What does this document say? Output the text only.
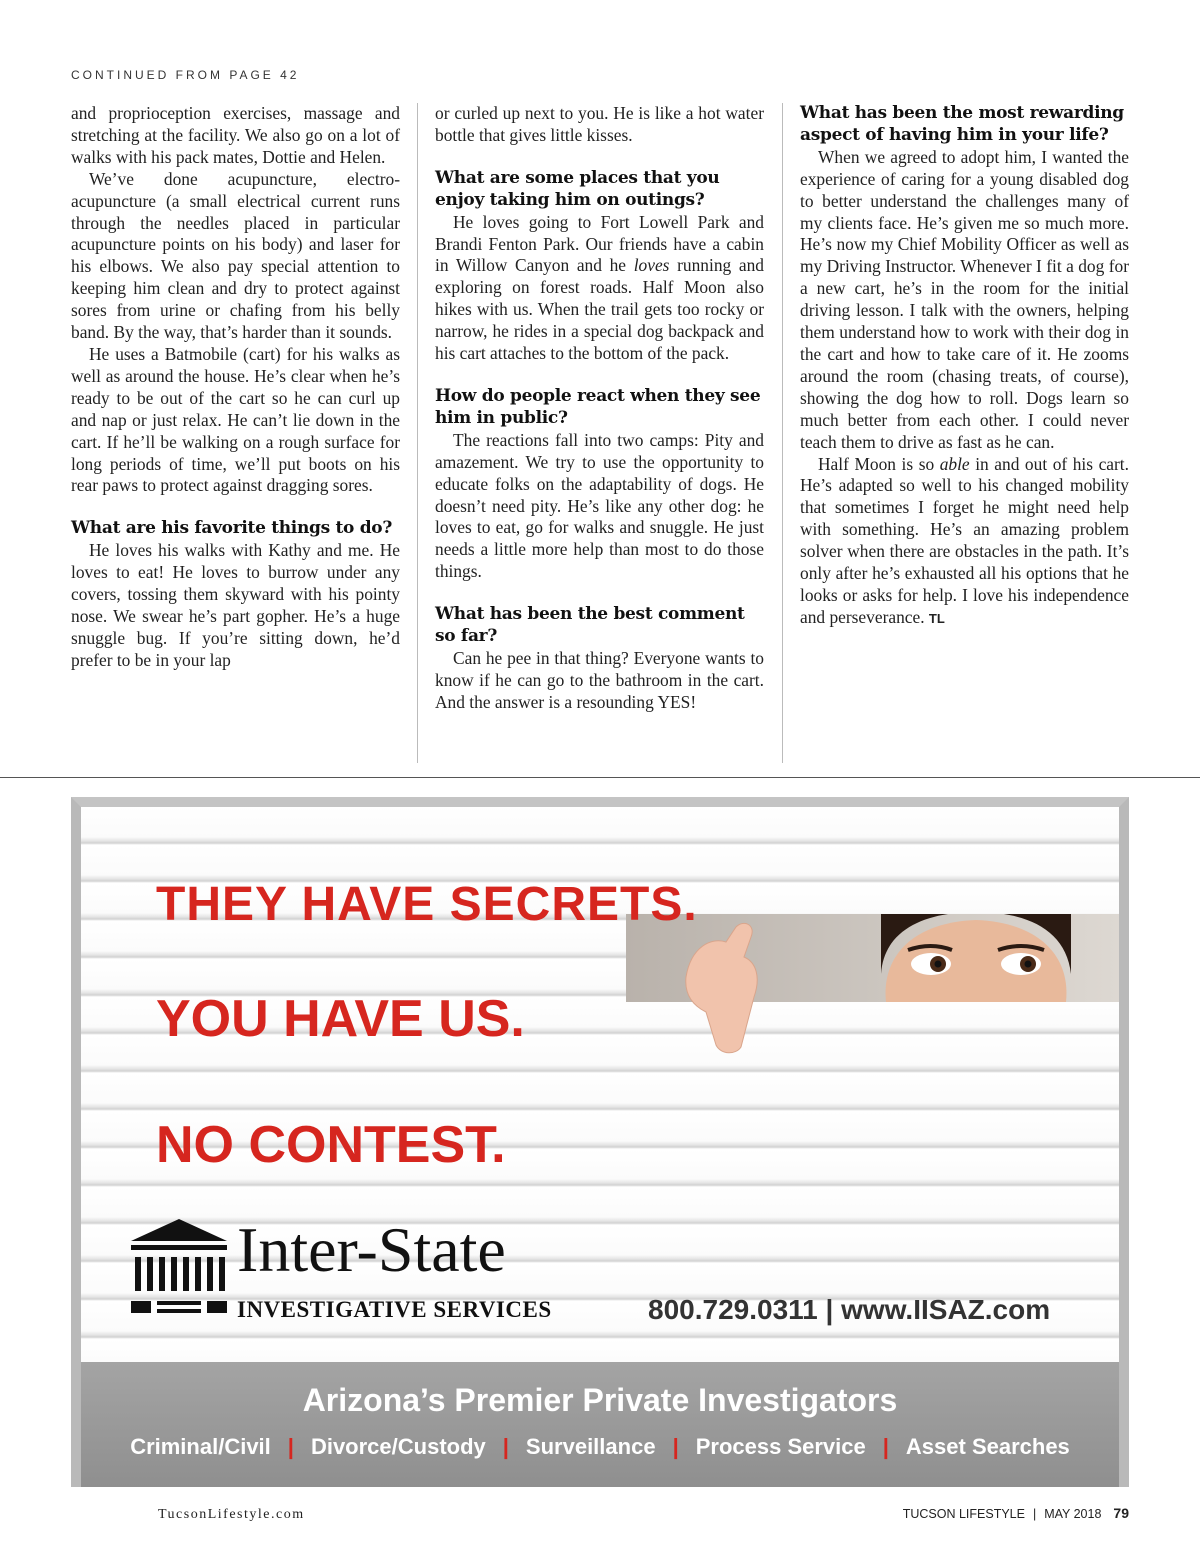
CONTINUED FROM PAGE 42

and proprioception exercises, massage and stretching at the facility. We also go on a lot of walks with his pack mates, Dottie and Helen.

We’ve done acupuncture, electro-acupuncture (a small electrical current runs through the needles placed in particular acupuncture points on his body) and laser for his elbows. We also pay special attention to keeping him clean and dry to protect against sores from urine or chafing from his belly band. By the way, that’s harder than it sounds.

He uses a Batmobile (cart) for his walks as well as around the house. He’s clear when he’s ready to be out of the cart so he can curl up and nap or just relax. He can’t lie down in the cart. If he’ll be walking on a rough surface for long periods of time, we’ll put boots on his rear paws to protect against dragging sores.

What are his favorite things to do?

He loves his walks with Kathy and me. He loves to eat! He loves to burrow under any covers, tossing them skyward with his pointy nose. We swear he’s part gopher. He’s a huge snuggle bug. If you’re sitting down, he’d prefer to be in your lap

or curled up next to you. He is like a hot water bottle that gives little kisses.

What are some places that you enjoy taking him on outings?

He loves going to Fort Lowell Park and Brandi Fenton Park. Our friends have a cabin in Willow Canyon and he loves running and exploring on forest roads. Half Moon also hikes with us. When the trail gets too rocky or narrow, he rides in a special dog backpack and his cart attaches to the bottom of the pack.

How do people react when they see him in public?

The reactions fall into two camps: Pity and amazement. We try to use the opportunity to educate folks on the adaptability of dogs. He doesn’t need pity. He’s like any other dog: he loves to eat, go for walks and snuggle. He just needs a little more help than most to do those things.

What has been the best comment so far?

Can he pee in that thing? Everyone wants to know if he can go to the bathroom in the cart. And the answer is a resounding YES!

What has been the most rewarding aspect of having him in your life?

When we agreed to adopt him, I wanted the experience of caring for a young disabled dog to better understand the challenges many of my clients face. He’s given me so much more. He’s now my Chief Mobility Officer as well as my Driving Instructor. Whenever I fit a dog for a new cart, he’s in the room for the initial driving lesson. I talk with the owners, helping them understand how to work with their dog in the cart and how to take care of it. He zooms around the room (chasing treats, of course), showing the dog how to roll. Dogs learn so much better from each other. I could never teach them to drive as fast as he can.

Half Moon is so able in and out of his cart. He’s adapted so well to his changed mobility that sometimes I forget he might need help with something. He’s an amazing problem solver when there are obstacles in the path. It’s only after he’s exhausted all his options that he looks or asks for help. I love his independence and perseverance. TL

THEY HAVE SECRETS.

YOU HAVE US.

NO CONTEST.

Inter-State

INVESTIGATIVE SERVICES	800.729.0311 | www.IISAZ.com

Arizona’s Premier Private Investigators

Criminal/Civil | Divorce/Custody | Surveillance | Process Service | Asset Searches

TucsonLifestyle.com	TUCSON LIFESTYLE | MAY 2018 79
